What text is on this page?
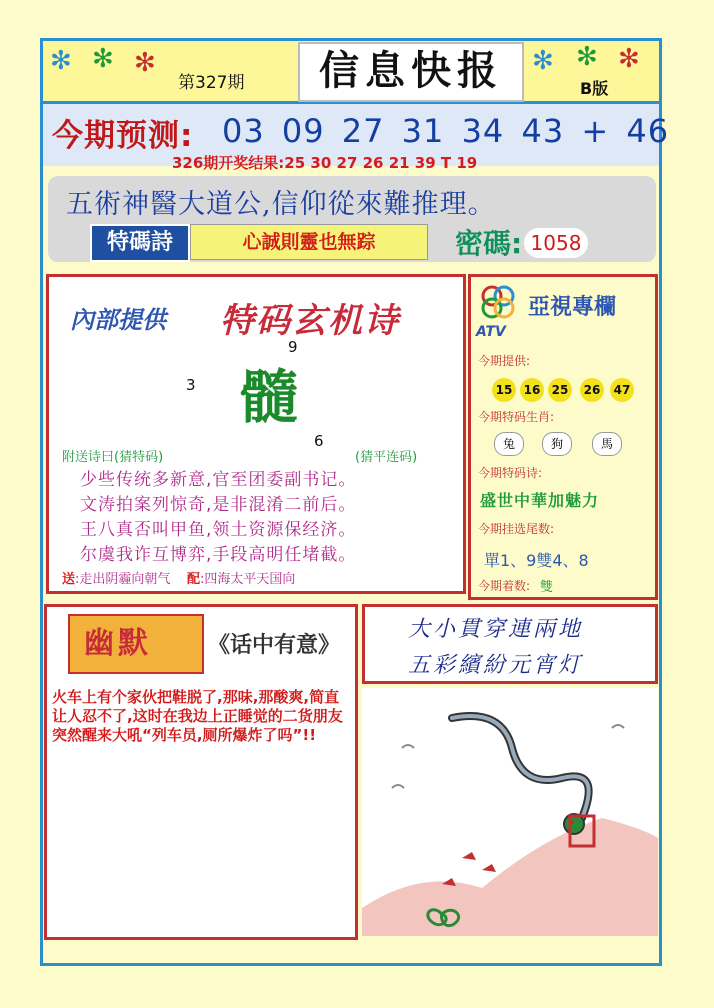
✻ ✻ ✻	✻ ✻ ✻
第327期	信息快报	B版
今期预测: 03 09 27 31 34 43 + 46
326期开奖结果:25 30 27 26 21 39 T 19
五術神醫大道公,信仰從來難推理。
特碼詩	心誠則靈也無踪	密碼: 1058
內部提供 特码玄机诗
9
3
6
髓
附送诗曰(猜特码)	(猜平连码)
少些传统多新意,官至团委副书记。
文涛拍案列惊奇,是非混淆二前后。
王八真否叫甲鱼,领土资源保经济。
尔虞我诈互博弈,手段高明任堵截。
送:走出阴霾向朝气 配:四海太平天国向
ATV
亞視專欄
今期提供:
15 16 25	26	47
今期特码生肖:
兔	狗	馬
今期特码诗:
盛世中華加魅力
今期挂选尾数:
單1、9雙4、8
今期着数: 雙
幽默	《话中有意》
火车上有个家伙把鞋脱了,那味,那酸爽,简直让人忍不了,这时在我边上正睡觉的二货朋友突然醒来大吼“列车员,厕所爆炸了吗”!!
大小貫穿連兩地
五彩繽紛元宵灯
